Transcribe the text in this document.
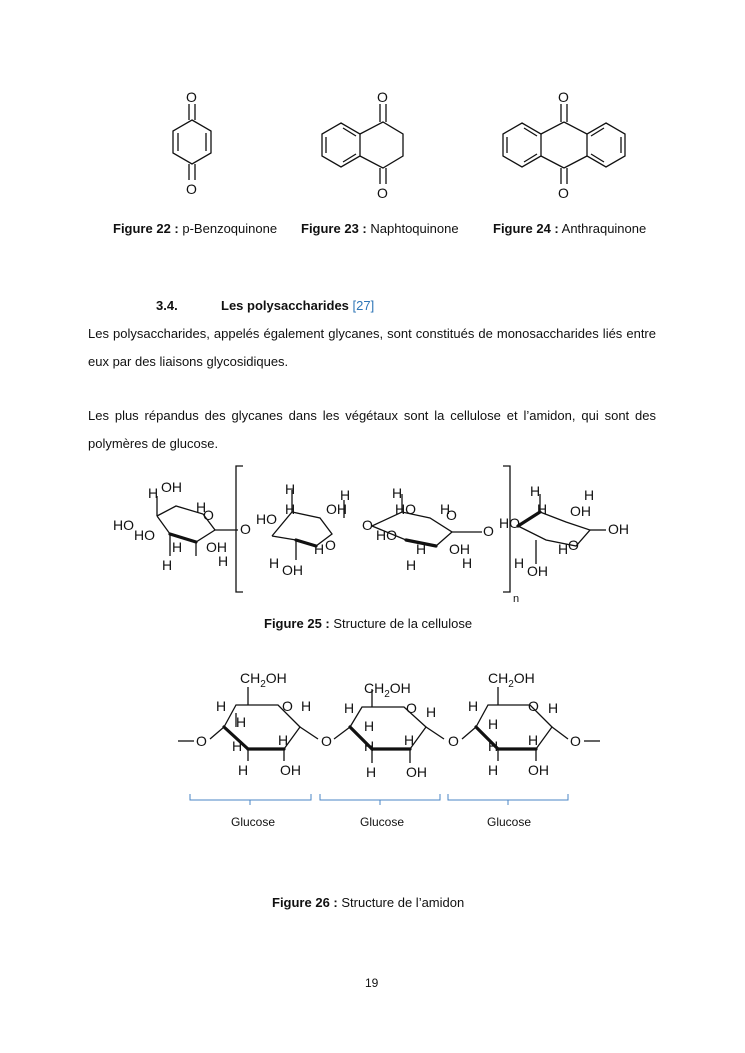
O
O
O
O
O
O
Figure 22 : p-Benzoquinone Figure 23 : Naphtoquinone	Figure 24 : Anthraquinone
3.4.	Les polysaccharides [27]
Les polysaccharides, appelés également glycanes, sont constitués de monosaccharides liés entre eux par des liaisons glycosidiques.
Les plus répandus des glycanes dans les végétaux sont la cellulose et l’amidon, qui sont des polymères de glucose.
n
HO
HO
H OH
H
O
H OH
H	H
O
H	H
HO
H OH
O
H
H OH
O
H
HO H
O
HO
H OH
H	H
O
H	H
HO
H OH
O
H
OH
H OH
Figure 25 : Structure de la cellulose
O
H
H
O H
H	H
H OH
O
H
H
O H
H H
H OH
O
H
H
O H
H H
H OH
O
$CH_2OH$
$CH_2OH$
$CH_2OH$
Glucose	Glucose	Glucose
Figure 26 : Structure de l’amidon
19
